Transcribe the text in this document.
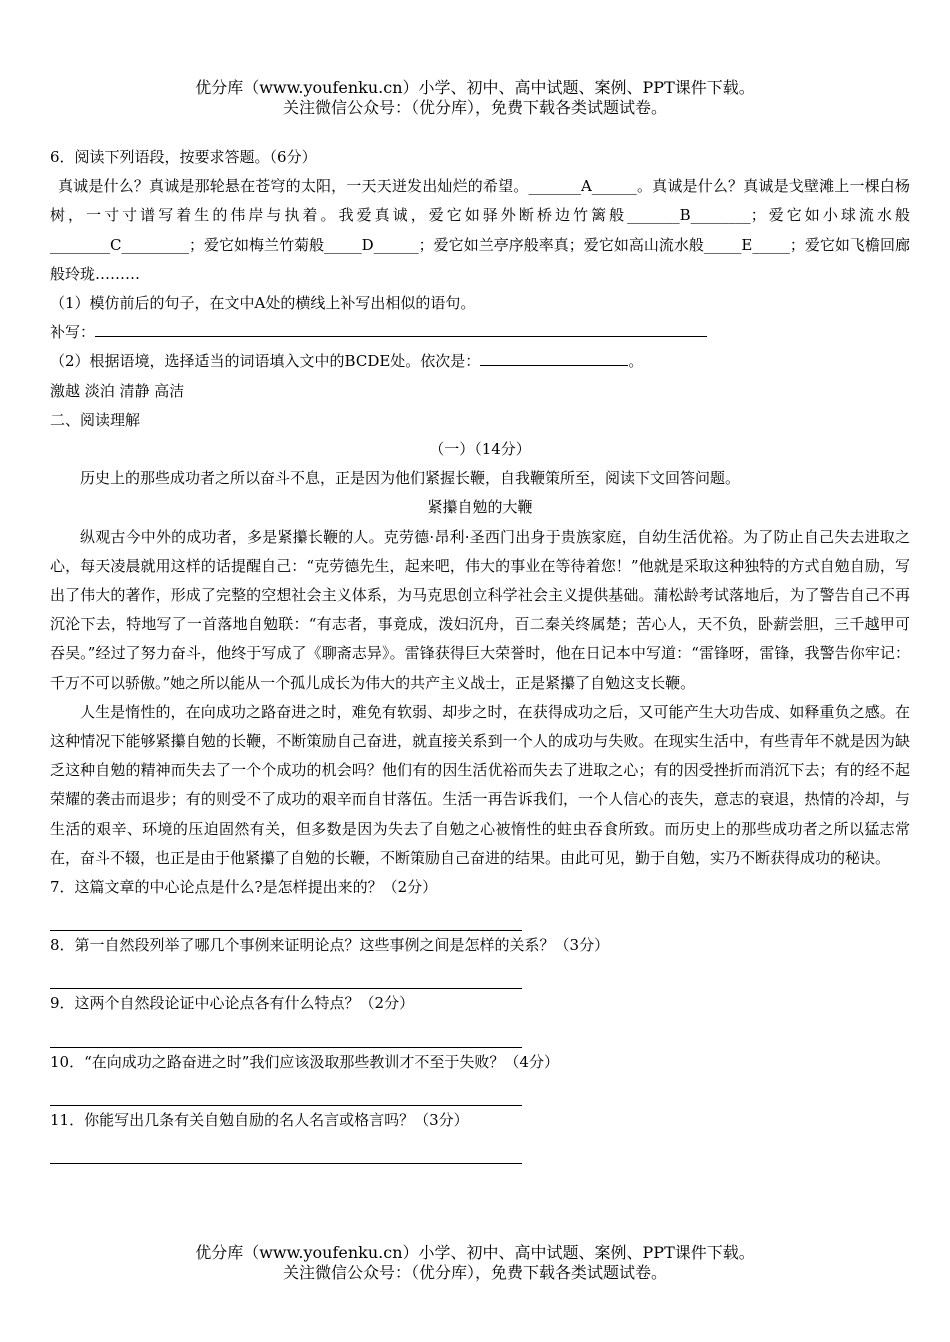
优分库（www.youfenku.cn）小学、初中、高中试题、案例、PPT课件下载。
关注微信公众号：（优分库），免费下载各类试题试卷。

6．阅读下列语段，按要求答题。（6分）

真诚是什么？真诚是那轮悬在苍穹的太阳，一天天迸发出灿烂的希望。_______A______。真诚是什么？真诚是戈壁滩上一棵白杨树，一寸寸谱写着生的伟岸与执着。我爱真诚，爱它如驿外断桥边竹篱般_______B________；爱它如小球流水般________C_________；爱它如梅兰竹菊般_____D______；爱它如兰亭序般率真；爱它如高山流水般_____E_____；爱它如飞檐回廊般玲珑………

（1）模仿前后的句子，在文中A处的横线上补写出相似的语句。

补写：

（2）根据语境，选择适当的词语填入文中的BCDE处。依次是：	。

激越 淡泊 清静 高洁

二、阅读理解

（一）（14分）

历史上的那些成功者之所以奋斗不息，正是因为他们紧握长鞭，自我鞭策所至，阅读下文回答问题。

紧攥自勉的大鞭

纵观古今中外的成功者，多是紧攥长鞭的人。克劳德·昂利·圣西门出身于贵族家庭，自幼生活优裕。为了防止自己失去进取之心，每天凌晨就用这样的话提醒自己：“克劳德先生，起来吧，伟大的事业在等待着您！”他就是采取这种独特的方式自勉自励，写出了伟大的著作，形成了完整的空想社会主义体系，为马克思创立科学社会主义提供基础。蒲松龄考试落地后，为了警告自己不再沉沦下去，特地写了一首落地自勉联：“有志者，事竟成，泼妇沉舟，百二秦关终属楚；苦心人，天不负，卧薪尝胆，三千越甲可吞吴。”经过了努力奋斗，他终于写成了《聊斋志异》。雷锋获得巨大荣誉时，他在日记本中写道：“雷锋呀，雷锋，我警告你牢记：千万不可以骄傲。”她之所以能从一个孤儿成长为伟大的共产主义战士，正是紧攥了自勉这支长鞭。

人生是惰性的，在向成功之路奋进之时，难免有软弱、却步之时，在获得成功之后，又可能产生大功告成、如释重负之感。在这种情况下能够紧攥自勉的长鞭，不断策励自己奋进，就直接关系到一个人的成功与失败。在现实生活中，有些青年不就是因为缺乏这种自勉的精神而失去了一个个成功的机会吗？他们有的因生活优裕而失去了进取之心；有的因受挫折而消沉下去；有的经不起荣耀的袭击而退步；有的则受不了成功的艰辛而自甘落伍。生活一再告诉我们，一个人信心的丧失，意志的衰退，热情的冷却，与生活的艰辛、环境的压迫固然有关，但多数是因为失去了自勉之心被惰性的蛀虫吞食所致。而历史上的那些成功者之所以猛志常在，奋斗不辍，也正是由于他紧攥了自勉的长鞭，不断策励自己奋进的结果。由此可见，勤于自勉，实乃不断获得成功的秘诀。

7．这篇文章的中心论点是什么?是怎样提出来的？（2分）

8．第一自然段列举了哪几个事例来证明论点？这些事例之间是怎样的关系？（3分）

9．这两个自然段论证中心论点各有什么特点？（2分）

10．“在向成功之路奋进之时”我们应该汲取那些教训才不至于失败？（4分）

11．你能写出几条有关自勉自励的名人名言或格言吗？（3分）

优分库（www.youfenku.cn）小学、初中、高中试题、案例、PPT课件下载。
关注微信公众号：（优分库），免费下载各类试题试卷。
